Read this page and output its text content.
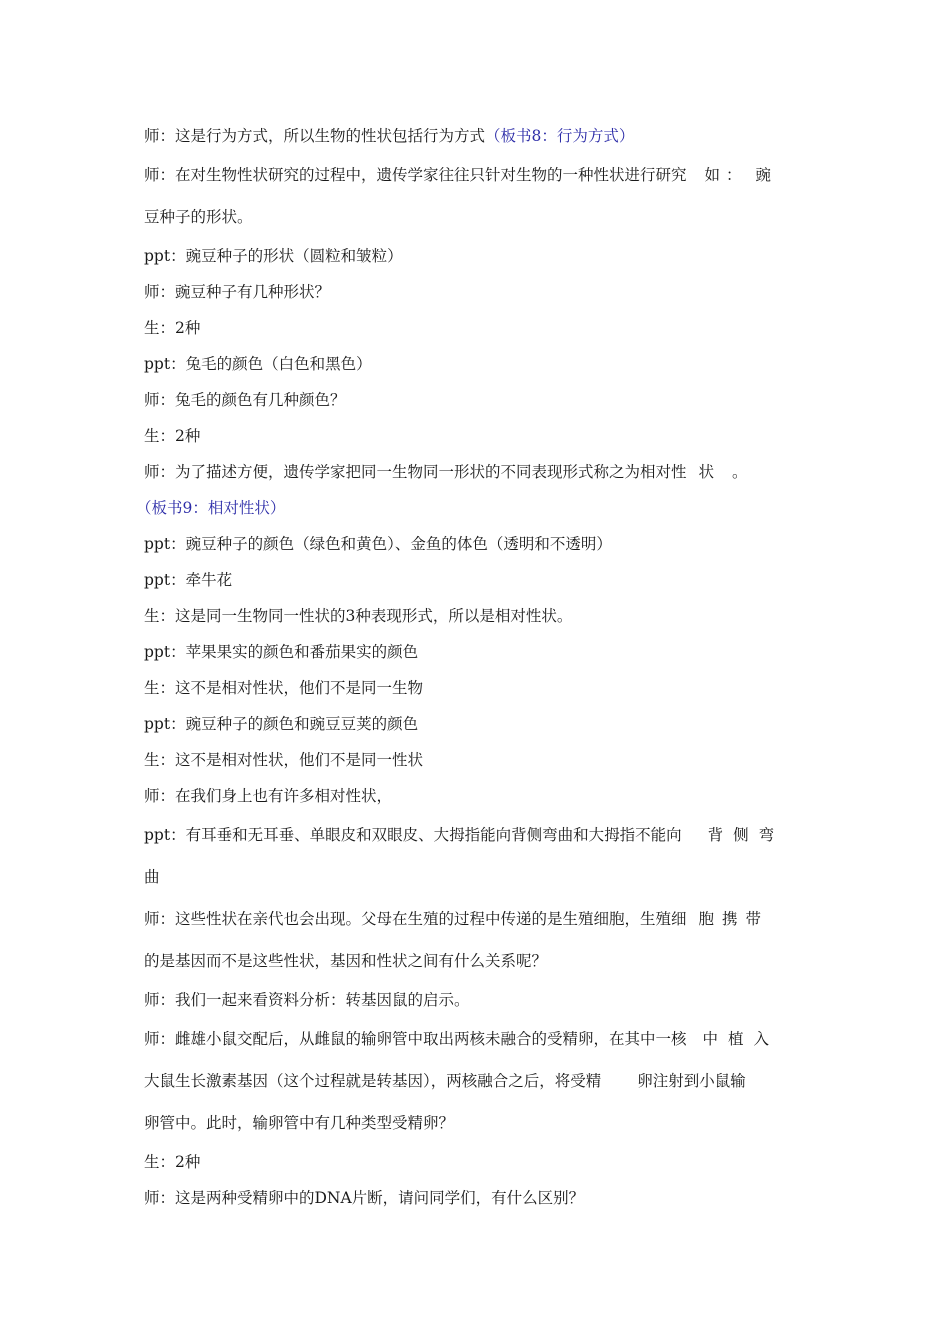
师：这是行为方式，所以生物的性状包括行为方式（板书8：行为方式）
师：在对生物性状研究的过程中，遗传学家往往只针对生物的一种性状进行研究 如 ： 豌
豆种子的形状。
ppt：豌豆种子的形状（圆粒和皱粒）
师：豌豆种子有几种形状？
生：2种
ppt：兔毛的颜色（白色和黑色）
师：兔毛的颜色有几种颜色？
生：2种
师：为了描述方便，遗传学家把同一生物同一形状的不同表现形式称之为相对性 状 。
（板书9：相对性状）
ppt：豌豆种子的颜色（绿色和黄色）、金鱼的体色（透明和不透明）
ppt：牵牛花
生：这是同一生物同一性状的3种表现形式，所以是相对性状。
ppt：苹果果实的颜色和番茄果实的颜色
生：这不是相对性状，他们不是同一生物
ppt：豌豆种子的颜色和豌豆豆荚的颜色
生：这不是相对性状，他们不是同一性状
师：在我们身上也有许多相对性状，
ppt：有耳垂和无耳垂、单眼皮和双眼皮、大拇指能向背侧弯曲和大拇指不能向 背 侧 弯
曲
师：这些性状在亲代也会出现。父母在生殖的过程中传递的是生殖细胞，生殖细 胞 携 带
的是基因而不是这些性状，基因和性状之间有什么关系呢？
师：我们一起来看资料分析：转基因鼠的启示。
师：雌雄小鼠交配后，从雌鼠的输卵管中取出两核未融合的受精卵，在其中一核 中 植 入
大鼠生长激素基因（这个过程就是转基因），两核融合之后，将受精 卵注射到小鼠输
卵管中。此时，输卵管中有几种类型受精卵？
生：2种
师：这是两种受精卵中的DNA片断，请问同学们，有什么区别？
